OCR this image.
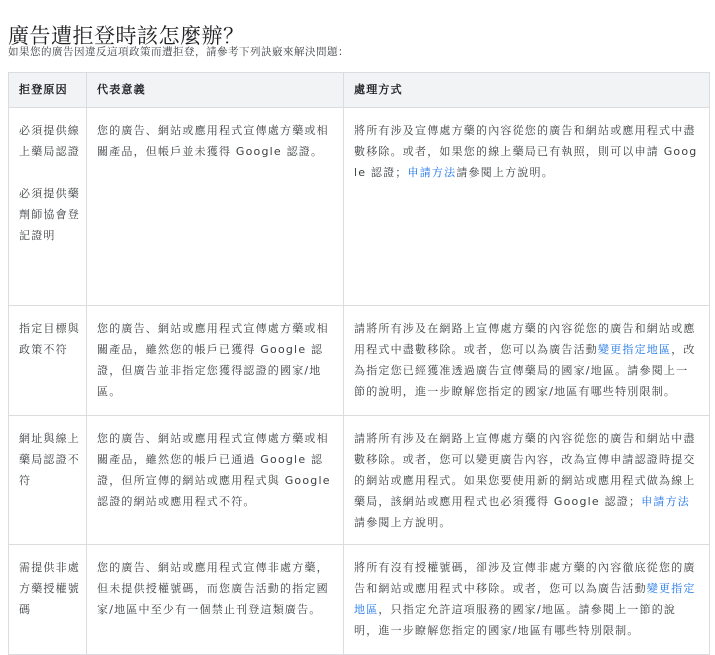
廣告遭拒登時該怎麼辦？
如果您的廣告因違反這項政策而遭拒登，請參考下列訣竅來解決問題：
拒登原因	代表意義	處理方式
必須提供線上藥局認證
必須提供藥劑師協會登記證明	您的廣告、網站或應用程式宣傳處方藥或相關產品，但帳戶並未獲得 Google 認證。	將所有涉及宣傳處方藥的內容從您的廣告和網站或應用程式中盡數移除。或者，如果您的線上藥局已有執照，則可以申請 Google 認證；申請方法請參閱上方說明。
指定目標與政策不符	您的廣告、網站或應用程式宣傳處方藥或相關產品，雖然您的帳戶已獲得 Google 認證，但廣告並非指定您獲得認證的國家/地區。	請將所有涉及在網路上宣傳處方藥的內容從您的廣告和網站或應用程式中盡數移除。或者，您可以為廣告活動變更指定地區，改為指定您已經獲准透過廣告宣傳藥局的國家/地區。請參閱上一節的說明，進一步瞭解您指定的國家/地區有哪些特別限制。
網址與線上藥局認證不符	您的廣告、網站或應用程式宣傳處方藥或相關產品，雖然您的帳戶已通過 Google 認證，但所宣傳的網站或應用程式與 Google 認證的網站或應用程式不符。	請將所有涉及在網路上宣傳處方藥的內容從您的廣告和網站中盡數移除。或者，您可以變更廣告內容，改為宣傳申請認證時提交的網站或應用程式。如果您要使用新的網站或應用程式做為線上藥局，該網站或應用程式也必須獲得 Google 認證；申請方法請參閱上方說明。
需提供非處方藥授權號碼	您的廣告、網站或應用程式宣傳非處方藥，但未提供授權號碼，而您廣告活動的指定國家/地區中至少有一個禁止刊登這類廣告。	將所有沒有授權號碼，卻涉及宣傳非處方藥的內容徹底從您的廣告和網站或應用程式中移除。或者，您可以為廣告活動變更指定地區，只指定允許這項服務的國家/地區。請參閱上一節的說明，進一步瞭解您指定的國家/地區有哪些特別限制。
